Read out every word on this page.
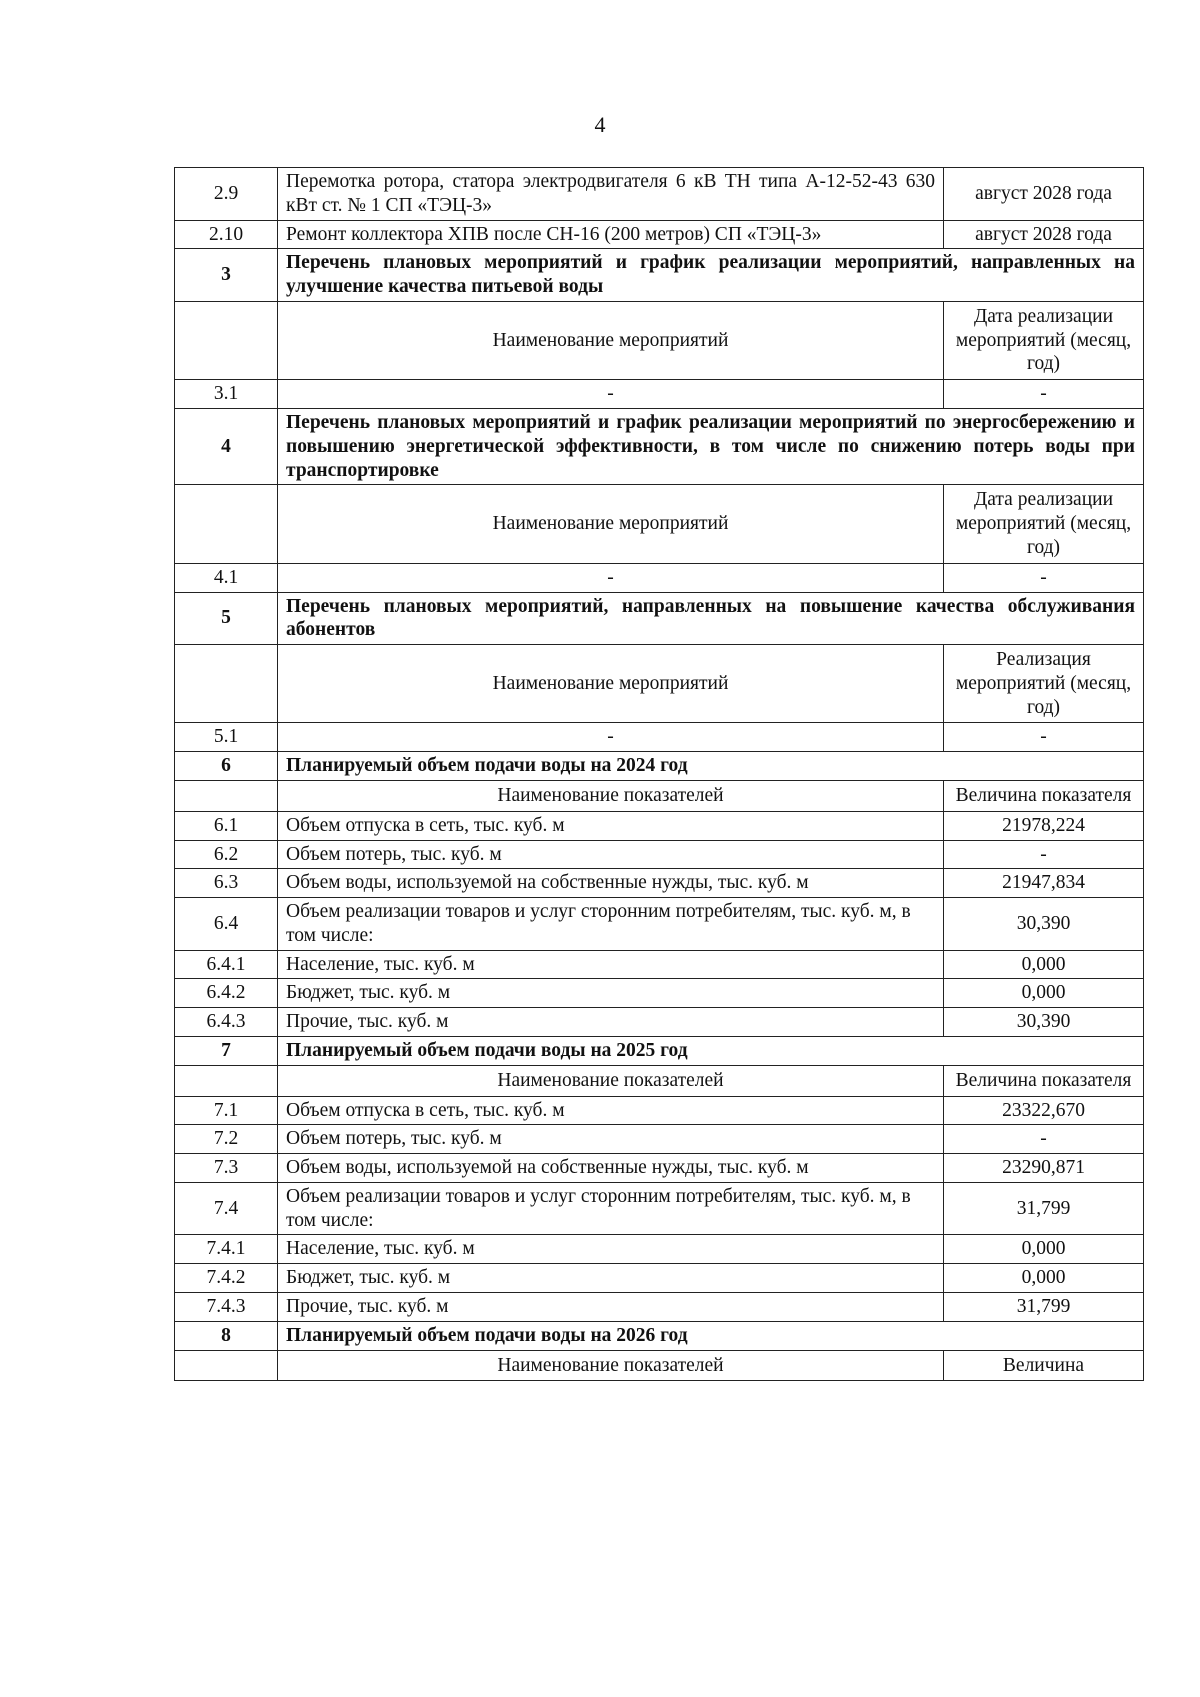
4
2.9	Перемотка ротора, статора электродвигателя 6 кВ ТН типа А-12-52-43 630 кВт ст. № 1 СП «ТЭЦ-3»	август 2028 года
2.10	Ремонт коллектора ХПВ после СН-16 (200 метров) СП «ТЭЦ-3»	август 2028 года
3	Перечень плановых мероприятий и график реализации мероприятий, направленных на улучшение качества питьевой воды	
	Наименование мероприятий	Дата реализации мероприятий (месяц, год)
3.1	-	-
4	Перечень плановых мероприятий и график реализации мероприятий по энергосбережению и повышению энергетической эффективности, в том числе по снижению потерь воды при транспортировке	
	Наименование мероприятий	Дата реализации мероприятий (месяц, год)
4.1	-	-
5	Перечень плановых мероприятий, направленных на повышение качества обслуживания абонентов	
	Наименование мероприятий	Реализация мероприятий (месяц, год)
5.1	-	-
6	Планируемый объем подачи воды на 2024 год	
	Наименование показателей	Величина показателя
6.1	Объем отпуска в сеть, тыс. куб. м	21978,224
6.2	Объем потерь, тыс. куб. м	-
6.3	Объем воды, используемой на собственные нужды, тыс. куб. м	21947,834
6.4	Объем реализации товаров и услуг сторонним потребителям, тыс. куб. м, в том числе:	30,390
6.4.1	Население, тыс. куб. м	0,000
6.4.2	Бюджет, тыс. куб. м	0,000
6.4.3	Прочие, тыс. куб. м	30,390
7	Планируемый объем подачи воды на 2025 год	
	Наименование показателей	Величина показателя
7.1	Объем отпуска в сеть, тыс. куб. м	23322,670
7.2	Объем потерь, тыс. куб. м	-
7.3	Объем воды, используемой на собственные нужды, тыс. куб. м	23290,871
7.4	Объем реализации товаров и услуг сторонним потребителям, тыс. куб. м, в том числе:	31,799
7.4.1	Население, тыс. куб. м	0,000
7.4.2	Бюджет, тыс. куб. м	0,000
7.4.3	Прочие, тыс. куб. м	31,799
8	Планируемый объем подачи воды на 2026 год	
	Наименование показателей	Величина
